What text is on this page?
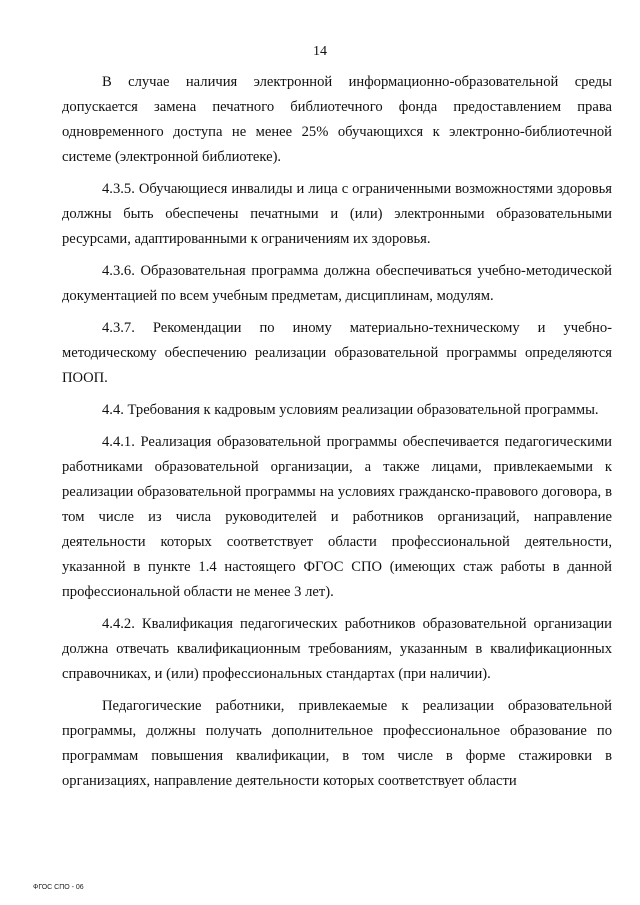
14

В случае наличия электронной информационно-образовательной среды допускается замена печатного библиотечного фонда предоставлением права одновременного доступа не менее 25% обучающихся к электронно-библиотечной системе (электронной библиотеке).

4.3.5. Обучающиеся инвалиды и лица с ограниченными возможностями здоровья должны быть обеспечены печатными и (или) электронными образовательными ресурсами, адаптированными к ограничениям их здоровья.

4.3.6. Образовательная программа должна обеспечиваться учебно-методической документацией по всем учебным предметам, дисциплинам, модулям.

4.3.7. Рекомендации по иному материально-техническому и учебно-методическому обеспечению реализации образовательной программы определяются ПООП.

4.4. Требования к кадровым условиям реализации образовательной программы.

4.4.1. Реализация образовательной программы обеспечивается педагогическими работниками образовательной организации, а также лицами, привлекаемыми к реализации образовательной программы на условиях гражданско-правового договора, в том числе из числа руководителей и работников организаций, направление деятельности которых соответствует области профессиональной деятельности, указанной в пункте 1.4 настоящего ФГОС СПО (имеющих стаж работы в данной профессиональной области не менее 3 лет).

4.4.2. Квалификация педагогических работников образовательной организации должна отвечать квалификационным требованиям, указанным в квалификационных справочниках, и (или) профессиональных стандартах (при наличии).

Педагогические работники, привлекаемые к реализации образовательной программы, должны получать дополнительное профессиональное образование по программам повышения квалификации, в том числе в форме стажировки в организациях, направление деятельности которых соответствует области

ФГОС СПО - 06
